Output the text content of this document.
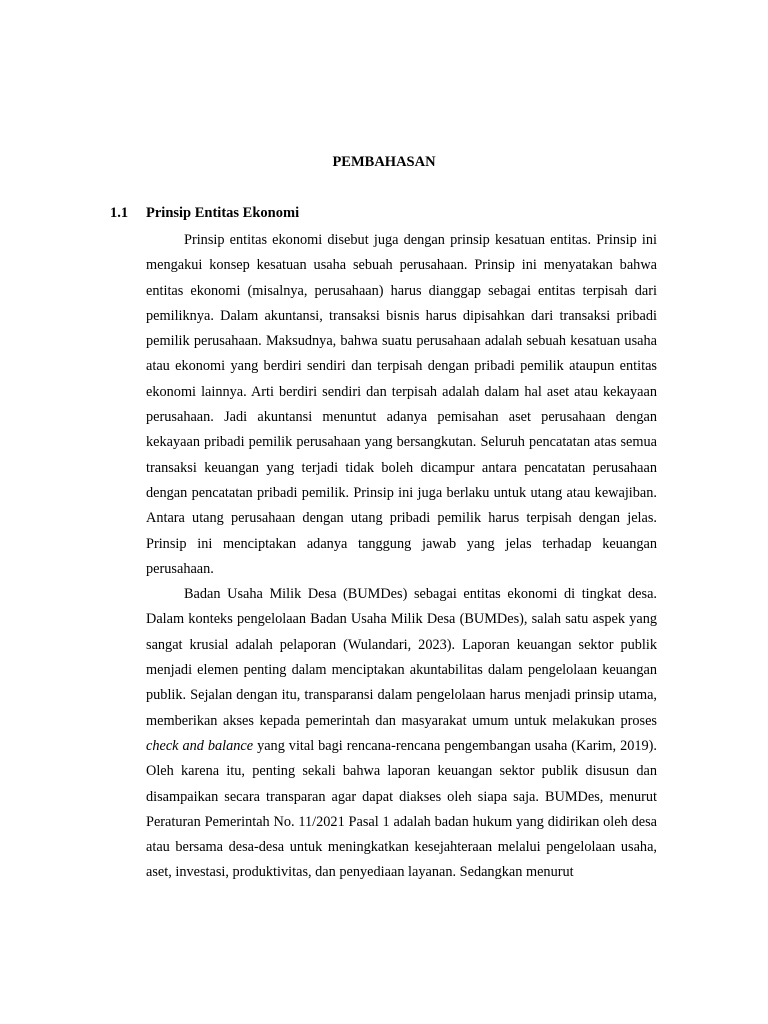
PEMBAHASAN
1.1 Prinsip Entitas Ekonomi

Prinsip entitas ekonomi disebut juga dengan prinsip kesatuan entitas. Prinsip ini mengakui konsep kesatuan usaha sebuah perusahaan. Prinsip ini menyatakan bahwa entitas ekonomi (misalnya, perusahaan) harus dianggap sebagai entitas terpisah dari pemiliknya. Dalam akuntansi, transaksi bisnis harus dipisahkan dari transaksi pribadi pemilik perusahaan. Maksudnya, bahwa suatu perusahaan adalah sebuah kesatuan usaha atau ekonomi yang berdiri sendiri dan terpisah dengan pribadi pemilik ataupun entitas ekonomi lainnya. Arti berdiri sendiri dan terpisah adalah dalam hal aset atau kekayaan perusahaan. Jadi akuntansi menuntut adanya pemisahan aset perusahaan dengan kekayaan pribadi pemilik perusahaan yang bersangkutan. Seluruh pencatatan atas semua transaksi keuangan yang terjadi tidak boleh dicampur antara pencatatan perusahaan dengan pencatatan pribadi pemilik. Prinsip ini juga berlaku untuk utang atau kewajiban. Antara utang perusahaan dengan utang pribadi pemilik harus terpisah dengan jelas. Prinsip ini menciptakan adanya tanggung jawab yang jelas terhadap keuangan perusahaan.

Badan Usaha Milik Desa (BUMDes) sebagai entitas ekonomi di tingkat desa. Dalam konteks pengelolaan Badan Usaha Milik Desa (BUMDes), salah satu aspek yang sangat krusial adalah pelaporan (Wulandari, 2023). Laporan keuangan sektor publik menjadi elemen penting dalam menciptakan akuntabilitas dalam pengelolaan keuangan publik. Sejalan dengan itu, transparansi dalam pengelolaan harus menjadi prinsip utama, memberikan akses kepada pemerintah dan masyarakat umum untuk melakukan proses check and balance yang vital bagi rencana-rencana pengembangan usaha (Karim, 2019). Oleh karena itu, penting sekali bahwa laporan keuangan sektor publik disusun dan disampaikan secara transparan agar dapat diakses oleh siapa saja. BUMDes, menurut Peraturan Pemerintah No. 11/2021 Pasal 1 adalah badan hukum yang didirikan oleh desa atau bersama desa-desa untuk meningkatkan kesejahteraan melalui pengelolaan usaha, aset, investasi, produktivitas, dan penyediaan layanan. Sedangkan menurut
